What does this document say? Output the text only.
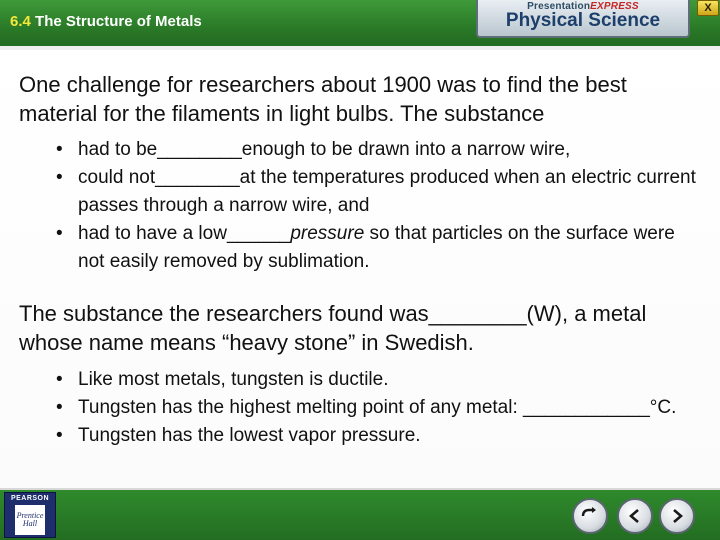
6.4 The Structure of Metals
PresentationEXPRESS
Physical Science
X
One challenge for researchers about 1900 was to find the best material for the filaments in light bulbs. The substance
• had to be________enough to be drawn into a narrow wire,
• could not________at the temperatures produced when an electric current passes through a narrow wire, and
• had to have a low______pressure so that particles on the surface were not easily removed by sublimation.
The substance the researchers found was________(W), a metal whose name means “heavy stone” in Swedish.
• Like most metals, tungsten is ductile.
• Tungsten has the highest melting point of any metal: ____________°C.
• Tungsten has the lowest vapor pressure.
PEARSON
Prentice
Hall
